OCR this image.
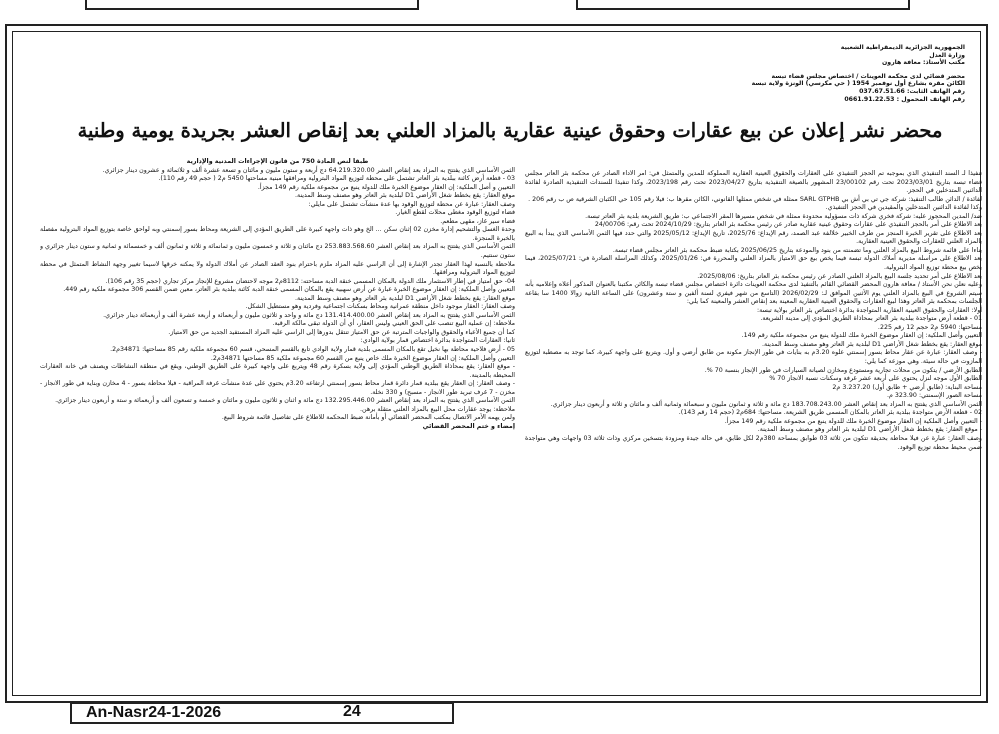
الجمهورية الجزائرية الديمقراطية الشعبية
وزارة العدل
مكتب الأستاذ: معافة هارون
محضر قضائي لدى محكمة العوينات / اختصاص مجلس قضاء تبسة
الكائن مقره بشارع أول نوفمبر 1954 ( حي مكرسي) الونزة ولاية تبسة
رقم الهاتف الثابت: 037.67.51.66
رقم الهاتف المحمول : 0661.91.22.53
محضر نشر إعلان عن بيع عقارات وحقوق عينية عقارية بالمزاد العلني بعد إنقاص العشر بجريدة يومية وطنية

تنفيذا لـ السند التنفيذي الذي بموجبه تم الحجز التنفيذي على العقارات والحقوق العينية العقارية المملوكة للمدين والمتمثل في: أمر الأداء الصادر عن محكمة بئر العاتر مجلس قضاء تبسة بتاريخ 2023/03/01 تحت رقم 23/00102 المشهور بالصيغة التنفيذية بتاريخ 2023/04/27 تحت رقم 2023/198، وكذا تنفيذا للسندات التنفيذية الصادرة لفائدة الدائنين المتدخلين في الحجز.

لفائدة / الدائن طالب التنفيذ: شركة جي تي بي أش بي SARL GTPHB ممثلة في شخص ممثلها القانوني، الكائن مقرها ب: فيلا رقم 105 حي الكثبان الشرقية ص ب رقم 206 .

وكذا لفائدة الدائنين المتدخلين والمقيدين في الحجز التنفيذي.

ضد/ المدين المحجوز عليه: شركة فخري شركة ذات مسؤولية محدودة ممثلة في شخص مسيرها المقر الاجتماعي ب: طريق الشريعة بلدية بئر العاتر تبسة.

بعد الاطلاع على أمر بالحجز التنفيذي على عقارات وحقوق عينية عقارية صادر عن رئيس محكمة بئر العاتر بتاريخ: 2024/10/29 تحت رقم: 24/00706

بعد الاطلاع على تقرير الخبرة المنجز من طرف الخبير خلالفة عبد الصمد، رقم الإيداع: 2025/76، تاريخ الإيداع: 2025/05/12 والتي حدد فيها الثمن الأساسي الذي يبدأ به البيع بالمزاد العلني للعقارات والحقوق العينية العقارية.

بناءا على قائمة شروط البيع بالمزاد العلني وما تضمنته من بنود والمودعة بتاريخ 2025/06/25 بكتابة ضبط محكمة بئر العاتر مجلس قضاء تبسة.

بعد الاطلاع على مراسلة مديرية أملاك الدولة تبسة فيما يخص بيع حق الامتياز بالمزاد العلني والمحررة في: 2025/01/26، وكذلك المراسلة الصادرة في: 2025/07/21، فيما يخص بيع محطة توزيع المواد البترولية.

بعد الاطلاع على أمر تحديد جلسة البيع بالمزاد العلني الصادر عن رئيس محكمة بئر العاتر بتاريخ: 2025/08/06.

وعليه نعلن نحن الأستاذ / معافة هارون المحضر القضائي القائم بالتنفيذ لدى محكمة العوينات دائرة اختصاص مجلس قضاء تبسة والكائن مكتبنا بالعنوان المذكور أعلاه وإعلاميه بأنه سيتم الشروع في البيع بالمزاد العلني يوم الأثنين الموافق لـ: 2026/02/29 (التاسع من شهر فيفري لسنة ألفين و ستة وعشرون) على الساعة الثانية زوالا 1400 سا بقاعة الجلسات بمحكمة بئر العاتر وهذا لبيع العقارات والحقوق العينية العقارية المعينة بعد إنقاص العشر والمعينة كما يلي:

أولا: العقارات والحقوق العينية العقارية المتواجدة بدائرة اختصاص بئر العاتر بولاية تبسة:

01 - قطعة أرض متواجدة ببلدية بئر العاتر بمحاذاة الطريق المؤدي إلى مدينة الشريعة.

مساحتها: 5940 م2 حجم 12 رقم 225.

التعيين وأصل الملكية: إن العقار موضوع الخبرة ملك للدولة ينبع من مجموعة ملكية رقم 149.

موقع العقار: يقع بخطط شغل الأراضي D1 لبلدية بئر العاتر وهو مصنف وسط المدينة.

- وصف العقار: عبارة عن عقار محاط بسور إسمنتي علوه 3.20م به بنايات في طور الإنجاز مكونة من طابق أرضي و أول. ويتربع على واجهة كبيرة، كما توجد به مصطبة لتوزيع المازوت في حالة سيئة. وهي موزعة كما يلي:

الطابق الأرضي / يتكون من محلات تجارية ومستودع ومخازن لصيانة السيارات في طور الإنجاز بنسبة 70 %.

الطابق الأول موجه لنزل يحتوي على أربعة عشر غرفة وسكنات نسبة الانجاز 70 %

مساحة البناية: (طابق أرضي + طابق أول) 3.237.20 م2

مساحة الصور الإسمنتي: 323.90 م.

الثمن الأساسي الذي يفتتح به المزاد بعد إنقاص العشر 183.708.243.00 دج مائة و ثلاثة و ثمانون مليون و سبعمائة وثمانية ألف و مائتان و ثلاثة و أربعون دينار جزائري.

02 - قطعة الأرض متواجدة ببلدية بئر العاتر بالمكان المسمى طريق الشريعة. مساحتها: 684م2 (حجم 14 رقم 143).

- التعيين وأصل الملكية إن العقار موضوع الخبرة ملك للدولة ينبع من مجموعة ملكية رقم 149 مجزأ.

- موقع العقار: يقع بخطط شغل الأراضي D1 لبلدية بئر العاتر وهو مصنف وسط المدينة.

وصف العقار: عبارة عن فيلا محاطة بحديقة تتكون من ثلاثة 03 طوابق بمساحة 380م2 لكل طابق، في حالة جيدة ومزودة بتسخين مركزي وذات ثلاثة 03 واجهات وهي متواجدة ضمن محيط محطة توزيع الوقود.

طبقا لنص المادة 750 من قانون الإجراءات المدنية والإدارية

الثمن الأساسي الذي يفتتح به المزاد بعد إنقاص العشر 64.219.320.00 دج أربعة و ستون مليون و مائتان و تسعة عشرة ألف و ثلاثمائة و عشرون دينار جزائري.

03 - قطعة أرض كائنة ببلدية بئر العاتر تشتمل على محطة لتوزيع المواد البترولية ومرافقها مبنية مساحتها 5450 م2 ( حجم 49 رقم 110).

التعيين و أصل الملكية: إن العقار موضوع الخبرة ملك للدولة ينبع من مجموعة ملكية رقم 149 مجزأ.

موقع العقار: يقع بخطط شغل الأراضي D1 لبلدية بئر العاتر وهو مصنف وسط المدينة.

وصف العقار: عبارة عن محطة لتوزيع الوقود بها عدة منشآت تشتمل على مايلي:

فضاء لتوزيع الوقود مغطى محلات لقطع الغيار.

فضاء سير غاز، مقهى مطعم.

وحدة الغسل والتشحيم إدارة مخزن 02 إثنان سكن ... الخ وهو ذات واجهة كبيرة على الطريق المؤدي إلى الشريعة ومحاط بسور إسمنتي وبه لواحق خاصة بتوزيع المواد البترولية مفصلة بالخبرة المنجزة.

الثمن الأساسي الذي يفتتح به المزاد بعد إنقاص العشر 253.883.568.60 دج مائتان و ثلاثة و خمسون مليون و ثمانمائة و ثلاثة و ثمانون ألف و خمسمائة و ثمانية و ستون دينار جزائري و ستون سنتيم.

ملاحظة بالنسبة لهذا العقار تجدر الإشارة إلى أن الراسي عليه المزاد ملزم باحترام بنود العقد الصادر عن أملاك الدولة ولا يمكنه خرقها لاسيما تغيير وجهة النشاط المتمثل في محطة لتوزيع المواد البترولية ومرافقها.

04- حق امتياز في إطار الاستثمار ملك الدولة بالمكان المسمى خنقة الدبة مساحته: 8112م2 موجه لاحتضان مشروع للإنجاز مركز تجاري (حجم 35 رقم 106).

التعيين وأصل الملكية: إن العقار موضوع الخبرة عبارة عن أرض سهبية يقع بالمكان المسمى خنقة الدبة كائنة ببلدية بئر العاتر، معين ضمن القسم 306 مجموعة ملكية رقم 449.

موقع العقار: يقع بخطط شغل الأراضي D1 لبلدية بئر العاتر وهو مصنف وسط المدينة.

وصف العقار: العقار موجود داخل منطقة عمرانية ومحاط بسكنات اجتماعية وفردية وهو مستطيل الشكل.

الثمن الأساسي الذي يفتتح به المزاد بعد إنقاص العشر 131.414.400.00 دج مائة و واحد و ثلاثون مليون و أربعمائة و أربعة عشرة ألف و أربعمائة دينار جزائري.

ملاحظة: إن عملية البيع تنصب على الحق العيني وليس العقار، أي أن الدولة تبقى مالكة الرقبة.

كما أن جميع الأعباء والحقوق والواجبات المترتبة عن حق الامتياز تنتقل بدورها إلى الراسي عليه المزاد المستفيد الجديد من حق الامتياز.

ثانيا: العقارات المتواجدة بدائرة اختصاص قمار بولاية الوادي:

05 - أرض فلاحية محاطة بها نخيل تقع بالمكان المسمى بلدية قمار ولاية الوادي تابع بالقسم المسحي، قسم 60 مجموعة ملكية رقم 85 مساحتها: 34871م2.

التعيين وأصل الملكية: إن العقار موضوع الخبرة ملك خاص ينبع من القسم 60 مجموعة ملكية 85 مساحتها 34871م2.

- موقع العقار: يقع بمحاذاة الطريق الوطني المؤدي إلى ولاية بسكرة رقم 48 ويتربع على واجهة كبيرة على الطريق الوطني، ويقع في منطقة النشاطات ويصنف في خانة العقارات المحيطة بالمدينة.

- وصف العقار: إن العقار يقع ببلدية قمار دائرة قمار محاط بسور إسمنتي ارتفاعه 3.20م يحتوي على عدة منشآت غرفة المراقبة - فيلا محاطة بسور - 4 مخازن وبناية في طور الانجاز - مخزن - 7 غرف تبريد طور الانجاز - مسبح) و 330 نخلة.

الثمن الأساسي الذي يفتتح به المزاد بعد إنقاص العشر 132.295.446.00 دج مائة و اثنان و ثلاثون مليون و مائتان و خمسة و تسعون ألف و أربعمائة و ستة و أربعون دينار جزائري.

ملاحظة: يوجد عقارات محل البيع بالمزاد العلني متقلة برهن.

ولمن يهمه الأمر الاتصال بمكتب المحضر القضائي أو بأمانة ضبط المحكمة للاطلاع على تفاصيل قائمة شروط البيع.

إمضاء و ختم المحضر القضائي

An-Nasr24-1-2026	24
